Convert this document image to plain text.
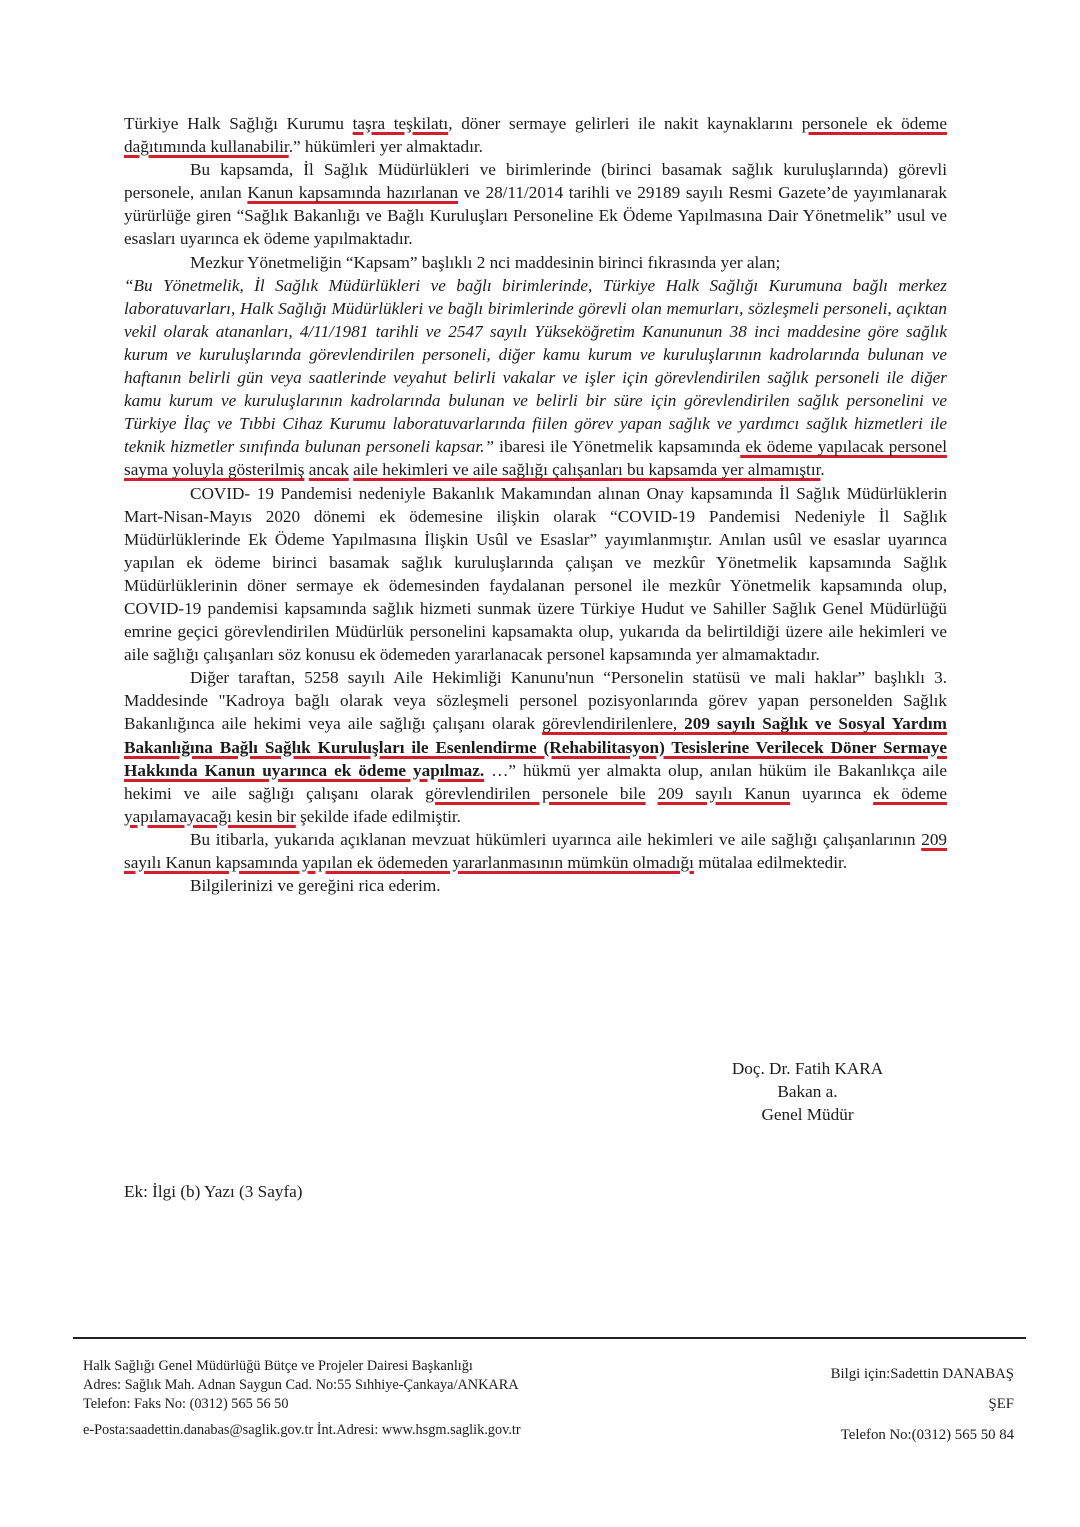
Türkiye Halk Sağlığı Kurumu taşra teşkilatı, döner sermaye gelirleri ile nakit kaynaklarını personele ek ödeme dağıtımında kullanabilir.” hükümleri yer almaktadır.

Bu kapsamda, İl Sağlık Müdürlükleri ve birimlerinde (birinci basamak sağlık kuruluşlarında) görevli personele, anılan Kanun kapsamında hazırlanan ve 28/11/2014 tarihli ve 29189 sayılı Resmi Gazete’de yayımlanarak yürürlüğe giren “Sağlık Bakanlığı ve Bağlı Kuruluşları Personeline Ek Ödeme Yapılmasına Dair Yönetmelik” usul ve esasları uyarınca ek ödeme yapılmaktadır.

Mezkur Yönetmeliğin “Kapsam” başlıklı 2 nci maddesinin birinci fıkrasında yer alan;

“Bu Yönetmelik, İl Sağlık Müdürlükleri ve bağlı birimlerinde, Türkiye Halk Sağlığı Kurumuna bağlı merkez laboratuvarları, Halk Sağlığı Müdürlükleri ve bağlı birimlerinde görevli olan memurları, sözleşmeli personeli, açıktan vekil olarak atananları, 4/11/1981 tarihli ve 2547 sayılı Yükseköğretim Kanununun 38 inci maddesine göre sağlık kurum ve kuruluşlarında görevlendirilen personeli, diğer kamu kurum ve kuruluşlarının kadrolarında bulunan ve haftanın belirli gün veya saatlerinde veyahut belirli vakalar ve işler için görevlendirilen sağlık personeli ile diğer kamu kurum ve kuruluşlarının kadrolarında bulunan ve belirli bir süre için görevlendirilen sağlık personelini ve Türkiye İlaç ve Tıbbi Cihaz Kurumu laboratuvarlarında fiilen görev yapan sağlık ve yardımcı sağlık hizmetleri ile teknik hizmetler sınıfında bulunan personeli kapsar.” ibaresi ile Yönetmelik kapsamında ek ödeme yapılacak personel sayma yoluyla gösterilmiş ancak aile hekimleri ve aile sağlığı çalışanları bu kapsamda yer almamıştır.

COVID- 19 Pandemisi nedeniyle Bakanlık Makamından alınan Onay kapsamında İl Sağlık Müdürlüklerin Mart-Nisan-Mayıs 2020 dönemi ek ödemesine ilişkin olarak “COVID-19 Pandemisi Nedeniyle İl Sağlık Müdürlüklerinde Ek Ödeme Yapılmasına İlişkin Usûl ve Esaslar” yayımlanmıştır. Anılan usûl ve esaslar uyarınca yapılan ek ödeme birinci basamak sağlık kuruluşlarında çalışan ve mezkûr Yönetmelik kapsamında Sağlık Müdürlüklerinin döner sermaye ek ödemesinden faydalanan personel ile mezkûr Yönetmelik kapsamında olup, COVID-19 pandemisi kapsamında sağlık hizmeti sunmak üzere Türkiye Hudut ve Sahiller Sağlık Genel Müdürlüğü emrine geçici görevlendirilen Müdürlük personelini kapsamakta olup, yukarıda da belirtildiği üzere aile hekimleri ve aile sağlığı çalışanları söz konusu ek ödemeden yararlanacak personel kapsamında yer almamaktadır.

Diğer taraftan, 5258 sayılı Aile Hekimliği Kanunu'nun “Personelin statüsü ve mali haklar” başlıklı 3. Maddesinde "Kadroya bağlı olarak veya sözleşmeli personel pozisyonlarında görev yapan personelden Sağlık Bakanlığınca aile hekimi veya aile sağlığı çalışanı olarak görevlendirilenlere, 209 sayılı Sağlık ve Sosyal Yardım Bakanlığına Bağlı Sağlık Kuruluşları ile Esenlendirme (Rehabilitasyon) Tesislerine Verilecek Döner Sermaye Hakkında Kanun uyarınca ek ödeme yapılmaz. …” hükmü yer almakta olup, anılan hüküm ile Bakanlıkça aile hekimi ve aile sağlığı çalışanı olarak görevlendirilen personele bile 209 sayılı Kanun uyarınca ek ödeme yapılamayacağı kesin bir şekilde ifade edilmiştir.

Bu itibarla, yukarıda açıklanan mevzuat hükümleri uyarınca aile hekimleri ve aile sağlığı çalışanlarının 209 sayılı Kanun kapsamında yapılan ek ödemeden yararlanmasının mümkün olmadığı mütalaa edilmektedir.

Bilgilerinizi ve gereğini rica ederim.

Doç. Dr. Fatih KARA
Bakan a.
Genel Müdür
Ek: İlgi (b) Yazı (3 Sayfa)
Halk Sağlığı Genel Müdürlüğü Bütçe ve Projeler Dairesi Başkanlığı
Adres: Sağlık Mah. Adnan Saygun Cad. No:55 Sıhhiye-Çankaya/ANKARA
Telefon: Faks No: (0312) 565 56 50
e-Posta:saadettin.danabas@saglik.gov.tr İnt.Adresi: www.hsgm.saglik.gov.tr
Bilgi için:Sadettin DANABAŞ
ŞEF
Telefon No:(0312) 565 50 84
